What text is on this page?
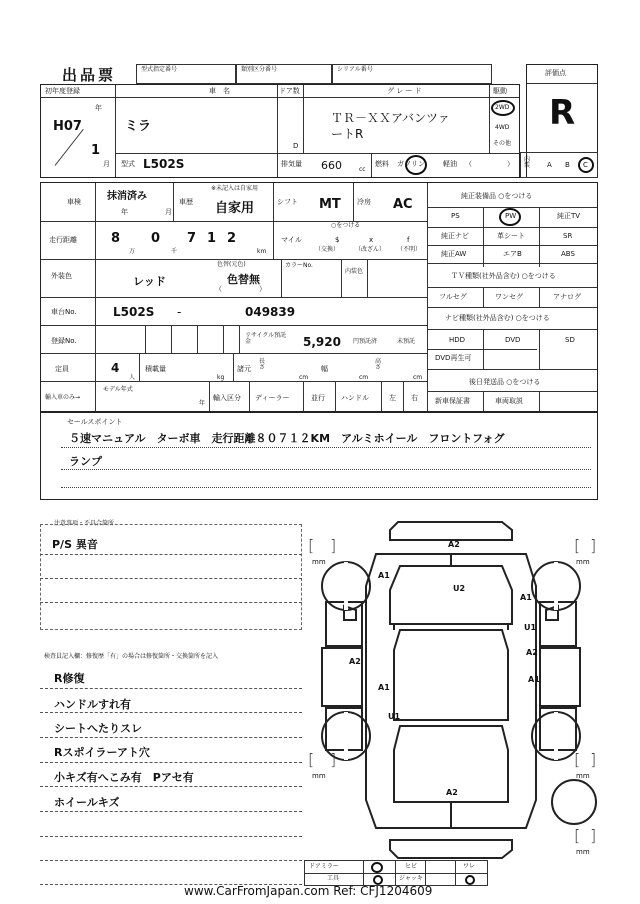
出品票	型式指定番号	類別区分番号	シリアル番号	評価点
R
初年度登録
H07
年
1
月
車　名
ミラ
ドア数
D
グ レ ー ド
ＴＲ－ＸＸアバンツァ
ートR
駆動
2WD
4WD
その他
型式 L502S	排気量 660	cc
燃料 ガソリン	軽油 （	）
内装 A B C
車検	抹消済み
年	月
※未記入は自家用
車歴 自家用	シフト MT 冷房 AC
走行距離	8
万
0
千
7 1 2
km
マイル
○をつける
$
（交換）
x
（改ざん）
f
（不明）
外装色	レッド
色替(元色)
色替無
（	）
カラーNo.
内装色
車台No.	L502S -	049839
登録No.
リサイクル預託金	5,920 円預託済	未預託
定員	4
人
積載量
kg
諸元
長さ
cm
幅
cm
高さ
cm
輸入車のみ→
モデル年式
年
輸入区分 ディーラー	並行 ハンドル	左 右
純正装備品 ○をつける
PS	PW	純正TV
純正ナビ	革シート	SR
純正AW	エアB	ABS
ＴＶ種類(社外品含む) ○をつける
フルセグ	ワンセグ	アナログ
ナビ種類(社外品含む) ○をつける
HDD	DVD	SD
DVD再生可
後日発送品 ○をつける
新車保証書	車両取説
セールスポイント
５速マニュアル　ターボ車　走行距離８０７１２KM　アルミホイール　フロントフォグ
ランプ
注意事項・不具合箇所
P/S 異音
検査員記入欄：修復歴「有」の場合は修復箇所・交換箇所を記入
R修復
ハンドルすれ有
シートへたりスレ
Rスポイラーアト穴
小キズ有へこみ有　Pアセ有
ホイールキズ
A2
U2
A1
A1
U1
A2
A2
A1
A1
U1
A2
[ ]
mm
[ ]
mm
[ ]
mm
[ ]
mm
[ ]
mm
ドアミラー	ヒビ	ワレ
工具	ジャッキ
www.CarFromJapan.com Ref: CFJ1204609
